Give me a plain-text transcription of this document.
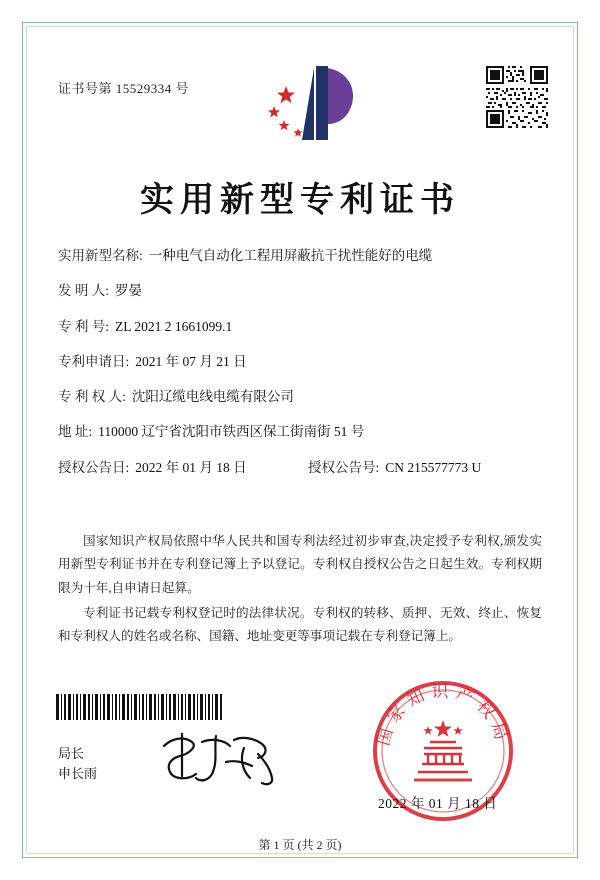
证书号第 15529334 号
实用新型专利证书
实用新型名称: 一种电气自动化工程用屏蔽抗干扰性能好的电缆
发 明 人: 罗晏
专 利 号: ZL 2021 2 1661099.1
专利申请日: 2021 年 07 月 21 日
专 利 权 人: 沈阳辽缆电线电缆有限公司
地 址: 110000 辽宁省沈阳市铁西区保工街南街 51 号
授权公告日: 2022 年 01 月 18 日	授权公告号: CN 215577773 U

国家知识产权局依照中华人民共和国专利法经过初步审查,决定授予专利权,颁发实用新型专利证书并在专利登记簿上予以登记。专利权自授权公告之日起生效。专利权期限为十年,自申请日起算。

专利证书记载专利权登记时的法律状况。专利权的转移、质押、无效、终止、恢复和专利权人的姓名或名称、国籍、地址变更等事项记载在专利登记簿上。

局长
申长雨
国家知识产权局
2022 年 01 月 18 日
第 1 页 (共 2 页)
